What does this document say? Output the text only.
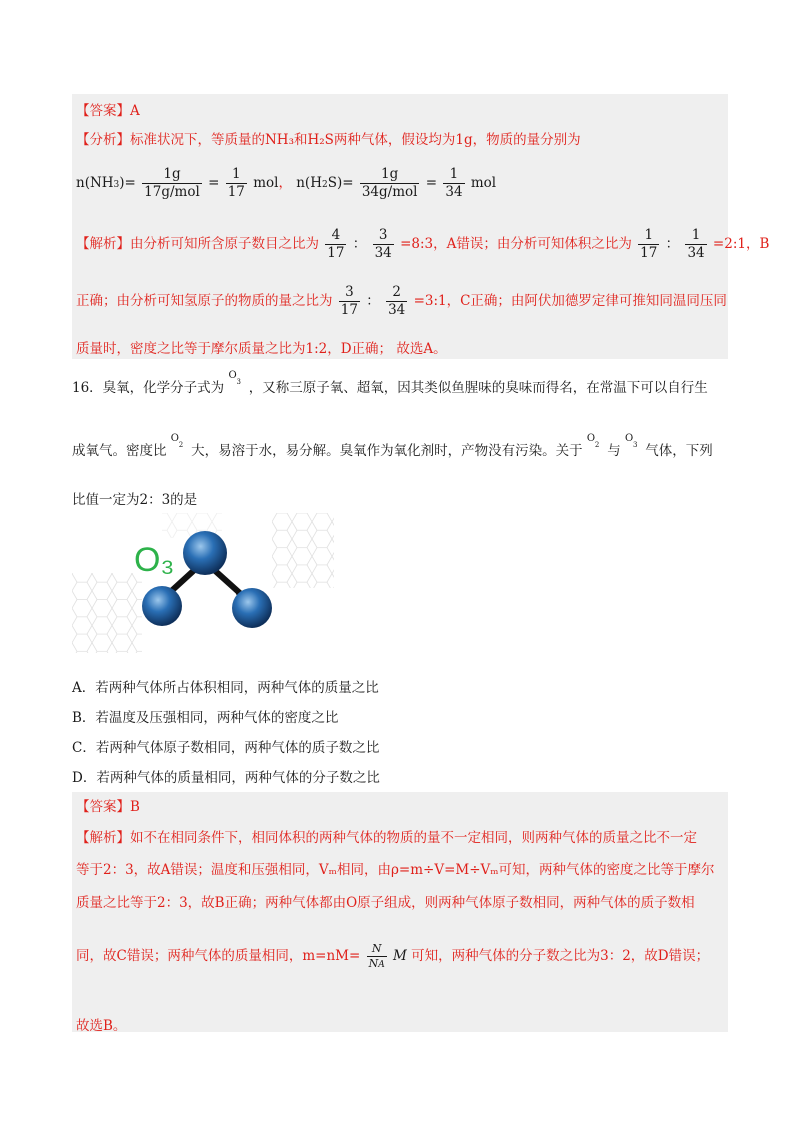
【答案】A
【分析】标准状况下，等质量的NH₃和H₂S两种气体，假设均为1g，物质的量分别为
$n(NH3)= \frac{1g}{\text{17g/mol}} = \frac{1}{17}$ mol， $n(H2S)= \frac{1g}{\text{34g/mol}} = \frac{1}{34}$ mol
【解析】由分析可知所含原子数目之比为 $\frac{4}{17}$ ： $\frac{3}{34}$ =8:3，A错误；由分析可知体积之比为 $\frac{1}{17}$ ： $\frac{1}{34}$ =2:1，B
正确；由分析可知氢原子的物质的量之比为 $\frac{3}{17}$ ： $\frac{2}{34}$ =3:1，C正确；由阿伏加德罗定律可推知同温同压同
质量时，密度之比等于摩尔质量之比为1:2，D正确； 故选A。
16．臭氧，化学分子式为
O
3 ，又称三原子氧、超氧，因其类似鱼腥味的臭味而得名，在常温下可以自行生
成氧气。密度比
O
2 大，易溶于水，易分解。臭氧作为氧化剂时，产物没有污染。关于
O
2 与
O
3 气体，下列
比值一定为2：3的是
O₃
A．若两种气体所占体积相同，两种气体的质量之比
B．若温度及压强相同，两种气体的密度之比
C．若两种气体原子数相同，两种气体的质子数之比
D．若两种气体的质量相同，两种气体的分子数之比
【答案】B
【解析】如不在相同条件下，相同体积的两种气体的物质的量不一定相同，则两种气体的质量之比不一定
等于2：3，故A错误；温度和压强相同，Vₘ相同，由ρ=m÷V=M÷Vₘ可知，两种气体的密度之比等于摩尔
质量之比等于2：3，故B正确；两种气体都由O原子组成，则两种气体原子数相同，两种气体的质子数相
同，故C错误；两种气体的质量相同，$m=nM= \frac{N}{NA}$ M 可知，两种气体的分子数之比为3：2，故D错误；
故选B。
